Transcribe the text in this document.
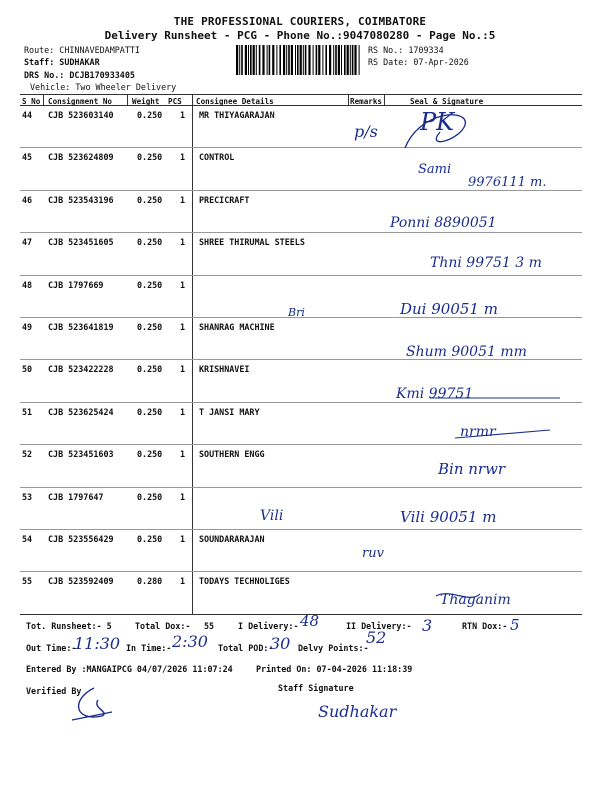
THE PROFESSIONAL COURIERS, COIMBATORE
Delivery Runsheet - PCG - Phone No.:9047080280 - Page No.:5
Route: CHINNAVEDAMPATTI
Staff: SUDHAKAR
DRS No.: DCJB170933405
Vehicle: Two Wheeler Delivery
RS No.: 1709334
RS Date: 07-Apr-2026
S No Consignment No	Weight PCS Consignee Details	Remarks	Seal & Signature
44 CJB 523603140	0.250 1 MR THIYAGARAJAN
45 CJB 523624809	0.250 1 CONTROL
46 CJB 523543196	0.250 1 PRECICRAFT
47 CJB 523451605	0.250 1 SHREE THIRUMAL STEELS
48 CJB 1797669	0.250 1
49 CJB 523641819	0.250 1 SHANRAG MACHINE
50 CJB 523422228	0.250 1 KRISHNAVEI
51 CJB 523625424	0.250 1 T JANSI MARY
52 CJB 523451603	0.250 1 SOUTHERN ENGG
53 CJB 1797647	0.250 1
54 CJB 523556429	0.250 1 SOUNDARARAJAN
55 CJB 523592409	0.280 1 TODAYS TECHNOLIGES
Tot. Runsheet:- 5	Total Dox:- 55	I Delivery:-	II Delivery:-	RTN Dox:-
Out Time:-	In Time:-	Total POD:-	Delvy Points:-
Entered By :MANGAIPCG 04/07/2026 11:07:24	Printed On: 07-04-2026 11:18:39
Verified By	Staff Signature
p/s PK
Sami
9976111 m.
Ponni 8890051
Thni 99751 3 m
Dui 90051 m
Bri
Shum 90051 mm
Kmi 99751
nrmr
Bin nrwr
Vili	Vili 90051 m
ruv
Thaganim
48	3	5
11:30	2:30	30	52
Sudhakar
